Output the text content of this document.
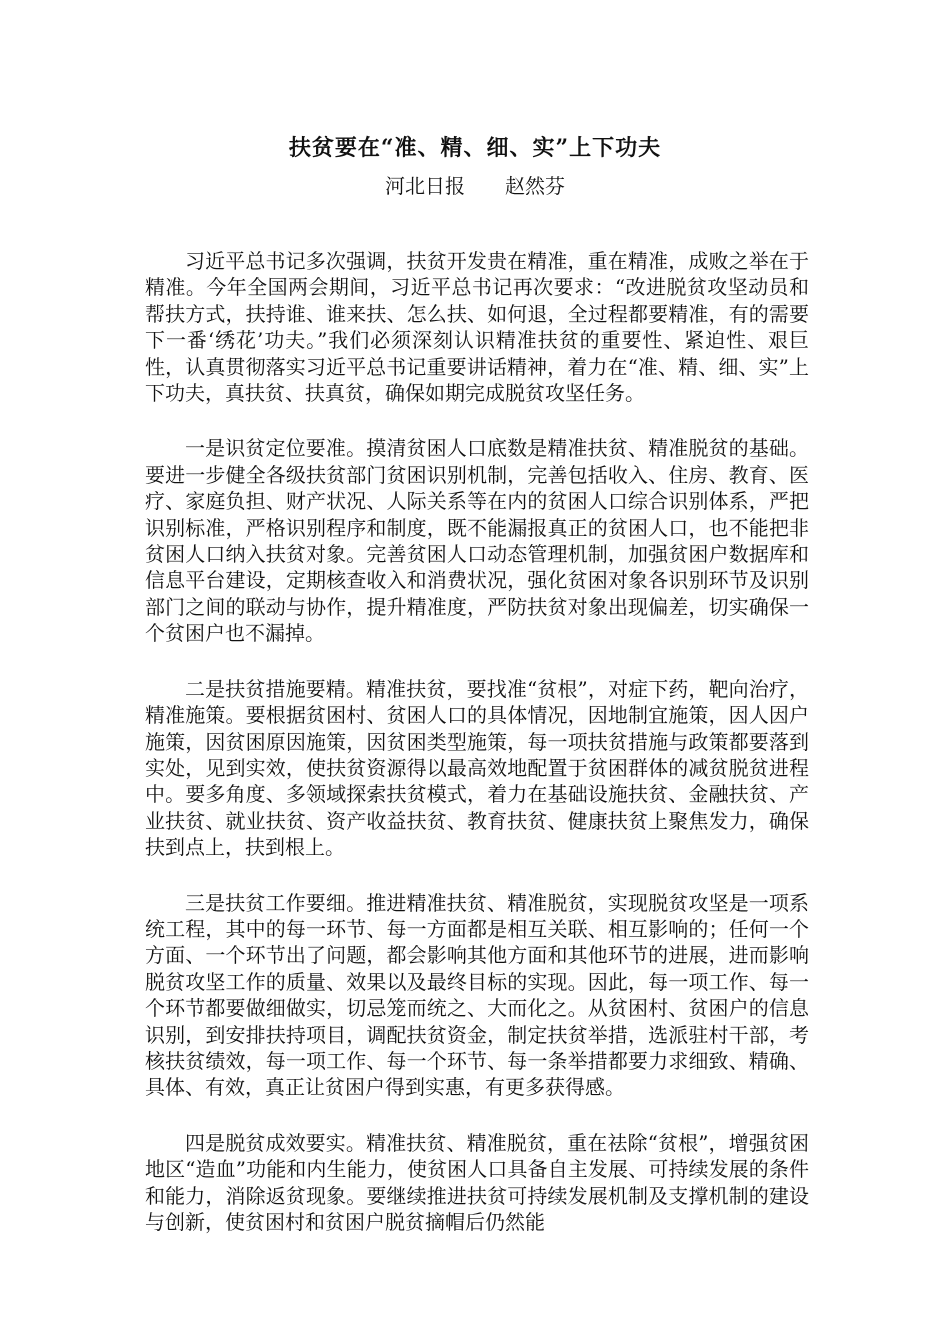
扶贫要在“准、精、细、实”上下功夫
河北日报 赵然芬

习近平总书记多次强调，扶贫开发贵在精准，重在精准，成败之举在于精准。今年全国两会期间，习近平总书记再次要求：“改进脱贫攻坚动员和帮扶方式，扶持谁、谁来扶、怎么扶、如何退，全过程都要精准，有的需要下一番‘绣花’功夫。”我们必须深刻认识精准扶贫的重要性、紧迫性、艰巨性，认真贯彻落实习近平总书记重要讲话精神，着力在“准、精、细、实”上下功夫，真扶贫、扶真贫，确保如期完成脱贫攻坚任务。

一是识贫定位要准。摸清贫困人口底数是精准扶贫、精准脱贫的基础。要进一步健全各级扶贫部门贫困识别机制，完善包括收入、住房、教育、医疗、家庭负担、财产状况、人际关系等在内的贫困人口综合识别体系，严把识别标准，严格识别程序和制度，既不能漏报真正的贫困人口，也不能把非贫困人口纳入扶贫对象。完善贫困人口动态管理机制，加强贫困户数据库和信息平台建设，定期核查收入和消费状况，强化贫困对象各识别环节及识别部门之间的联动与协作，提升精准度，严防扶贫对象出现偏差，切实确保一个贫困户也不漏掉。

二是扶贫措施要精。精准扶贫，要找准“贫根”，对症下药，靶向治疗，精准施策。要根据贫困村、贫困人口的具体情况，因地制宜施策，因人因户施策，因贫困原因施策，因贫困类型施策，每一项扶贫措施与政策都要落到实处，见到实效，使扶贫资源得以最高效地配置于贫困群体的减贫脱贫进程中。要多角度、多领域探索扶贫模式，着力在基础设施扶贫、金融扶贫、产业扶贫、就业扶贫、资产收益扶贫、教育扶贫、健康扶贫上聚焦发力，确保扶到点上，扶到根上。

三是扶贫工作要细。推进精准扶贫、精准脱贫，实现脱贫攻坚是一项系统工程，其中的每一环节、每一方面都是相互关联、相互影响的；任何一个方面、一个环节出了问题，都会影响其他方面和其他环节的进展，进而影响脱贫攻坚工作的质量、效果以及最终目标的实现。因此，每一项工作、每一个环节都要做细做实，切忌笼而统之、大而化之。从贫困村、贫困户的信息识别，到安排扶持项目，调配扶贫资金，制定扶贫举措，选派驻村干部，考核扶贫绩效，每一项工作、每一个环节、每一条举措都要力求细致、精确、具体、有效，真正让贫困户得到实惠，有更多获得感。

四是脱贫成效要实。精准扶贫、精准脱贫，重在祛除“贫根”，增强贫困地区“造血”功能和内生能力，使贫困人口具备自主发展、可持续发展的条件和能力，消除返贫现象。要继续推进扶贫可持续发展机制及支撑机制的建设与创新，使贫困村和贫困户脱贫摘帽后仍然能
